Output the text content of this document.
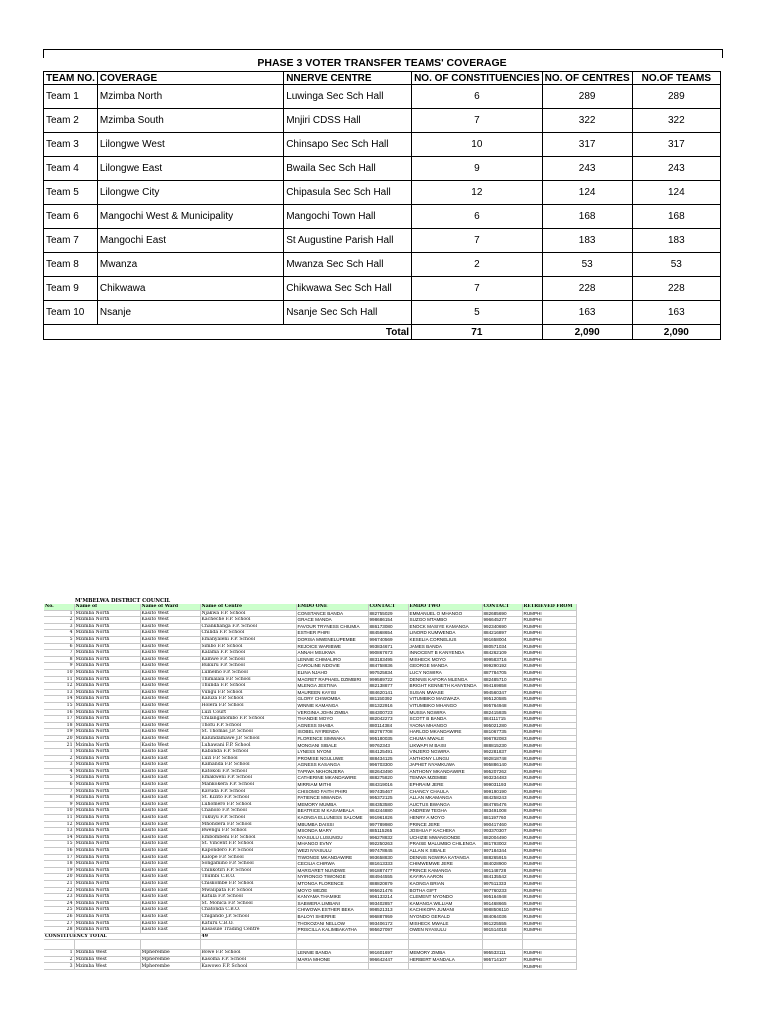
PHASE 3 VOTER TRANSFER TEAMS' COVERAGE
TEAM NO.	COVERAGE	NNERVE CENTRE	NO. OF CONSTITUENCIES	NO. OF CENTRES	NO.OF TEAMS
Team 1	Mzimba North	Luwinga Sec Sch Hall	6	289	289
Team 2	Mzimba South	Mnjiri CDSS Hall	7	322	322
Team 3	Lilongwe West	Chinsapo Sec Sch Hall	10	317	317
Team 4	Lilongwe East	Bwaila Sec Sch Hall	9	243	243
Team 5	Lilongwe City	Chipasula Sec Sch Hall	12	124	124
Team 6	Mangochi West & Municipality	Mangochi Town Hall	6	168	168
Team 7	Mangochi East	St Augustine Parish Hall	7	183	183
Team 8	Mwanza	Mwanza Sec Sch Hall	2	53	53
Team 9	Chikwawa	Chikwawa Sec Sch Hall	7	228	228
Team 10	Nsanje	Nsanje Sec Sch Hall	5	163	163
Total			71	2,090	2,090
M'MBELWA DISTRICT COUNCIL
No.	Name of	Name of Ward	Name of Centre	EMDO ONE	CONTACT	EMDO TWO	CONTACT	RETRIEVED FROM
1	Mzimba North	Kasito West	Njakwa F.P. School	CONSTANCE BANDA	882755029	EMMANUEL O MHANGO	882685690	RUMPHI
2	Mzimba North	Kasito West	Kacheche F.P. School	GRACE MANDA	998686154	SUZGO MTAMBO	996645277	RUMPHI
3	Mzimba North	Kasito West	Chankhanga F.P. School	FAVOUR TRYNESS CHIUMIA	886173080	ENOCK MASIYE KAMANGA	992340690	RUMPHI
4	Mzimba North	Kasito West	Chilida F.P. School	ESTHER PHIRI	884568654	LINORD KUMWENDA	884216897	RUMPHI
5	Mzimba North	Kasito West	Emanyaleni F.P. School	DORISA MWENELUPEMBE	996740569	KESELIA CORNELIUS	991658004	RUMPHI
6	Mzimba North	Kasito West	Simbo F.P. School	REJOICE WARIBWE	993834671	JAMES BANDA	880571034	RUMPHI
7	Mzimba North	Kasito West	Kalama F.P. School	ANNAH MSUKWA	990867673	INNOCENT B KANYENDA	884262109	RUMPHI
8	Mzimba North	Kasito West	Kamwe F.P. School	LENNIE CHIMALIRO	883183495	MISHECK MOYO	999583716	RUMPHI
9	Mzimba North	Kasito West	Bukuru F.P. School	CAROLINE NDOVIE	884758836	GEORGE MANDA	999290192	RUMPHI
10	Mzimba North	Kasito West	Lumemo F.P. School	ELINA NJAHO	997525834	LUCY NGWIRA	887784705	RUMPHI
11	Mzimba North	Kasito West	Thimalala F.P. School	MAGRET RAPHAEL DZIMBIRI	999589722	DENNIS KAFORA MLENGA	882485710	RUMPHI
12	Mzimba North	Kasito West	Thunda F.P. School	MLENGA JESTINA	882138877	BRIGHT KENNETH KANYENDA	994169858	RUMPHI
13	Mzimba North	Kasito West	Vungu F.P. School	MAUREEN KAYISI	884620141	SUSAN MWASE	994560347	RUMPHI
14	Mzimba North	Kasito West	Kaluza F.P. School	GLORY CHIWOMBA	881150392	VITUMBIKO MAGWAZA	995120585	RUMPHI
15	Mzimba North	Kasito West	Holera F.P. School	WINNIE KAMANGA	881322916	VITUMBIKO MHANGO	995764948	RUMPHI
16	Mzimba North	Kasito West	Luzi Court	VERGINIA JOHN ZIMBA	884300723	MUSSA NGWIRA	882415935	RUMPHI
17	Mzimba North	Kasito West	Chilanganombo F.P. School	THANDIE MOYO	882042273	SCOTT B BANDA	884111715	RUMPHI
18	Mzimba North	Kasito West	Thofu F.P. School	AGNESS SHABA	880114384	YAONA MHANGO	995021280	RUMPHI
19	Mzimba North	Kasito West	St. Thomas J.P. School	ISOBEL NYIRENDA	882767708	HARLOD MKANDAWIRE	881067735	RUMPHI
20	Mzimba North	Kasito West	Kalundamawe J.P. School	FLORENCE SIMWAKA	995180035	CHUMA MWALE	996792083	RUMPHI
21	Mzimba North	Kasito West	Luhawani F.P. School	MONGANI SIBALE	99762343	LIKWAPI M BAISI	888815230	RUMPHI
1	Mzimba North	Kasito East	Kabanda F.P. School	LYNESS NYONI	884125491	VINJERO NGWIRA	992281837	RUMPHI
2	Mzimba North	Kasito East	Luzi F.P. School	PROMISE NGULUWE	888434125	ANTHONY LUNGU	992818748	RUMPHI
3	Mzimba North	Kasito East	Kamanda F.P. School	AGNESS KASANGA	996703300	JAPHET NYAMKUWA	995886140	RUMPHI
4	Mzimba North	Kasito East	Katokoli F.P. School	TAPIWA NKHONJERA	882643490	ANTHONY MKANDAWIRE	995207262	RUMPHI
5	Mzimba North	Kasito East	Emakweni F.P. School	CATHERINE MKANDAWIRE	888275820	TEMWA MZEMBE	993234483	RUMPHI
6	Mzimba North	Kasito East	Mankokera F.P. School	MIRRIAM MITHI	884319016	EPHRAIM JERE	999031193	RUMPHI
7	Mzimba North	Kasito East	Kavuda F.P. School	CHISOMO FAITH PHIRI	997435467	CHANCY CHAULA	999190190	RUMPHI
8	Mzimba North	Kasito East	St. Kizito F.P. School	PATIENCE MWANDA	995372125	ALLAN MKAMANGA	884258243	RUMPHI
9	Mzimba North	Kasito East	Luhomero F.P. School	MEMORY MUMBA	884353580	AUCTUS BWANGA	884765476	RUMPHI
10	Mzimba North	Kasito East	Chanolo F.P. School	BEATRICE M KASAMBALA	884244880	ANDREW TEGHA	883491008	RUMPHI
11	Mzimba North	Kasito East	Tukuyu F.P. School	KAONGA ELLUNESS SALOME	991961826	HENRY A MOYO	881197760	RUMPHI
12	Mzimba North	Kasito East	Mhondera F.P. School	MBUMBA DAISSI	997789980	PRINCE JERE	990417460	RUMPHI
13	Mzimba North	Kasito East	Bwengu F.P. School	MSONDA MARY	885115265	JOSHUA F KACHEKA	993370307	RUMPHI
14	Mzimba North	Kasito East	Embombeni F.P. School	NYASULU LUSUNGU	996278832	UCHIZIE MWANGONDE	882004490	RUMPHI
15	Mzimba North	Kasito East	St. Vincent F.P. School	MHANGO EVNY	992250263	PRAISE MALUMBO CHILENGA	881793002	RUMPHI
16	Mzimba North	Kasito East	Kapondero F.P. School	WEZI NYASULU	997478845	ALLAN K SIBALE	997184344	RUMPHI
17	Mzimba North	Kasito East	Kalope F.P. School	TIWONGE MKANDAWIRE	993658830	DENNIS NGWIRA KATANGA	888265915	RUMPHI
18	Mzimba North	Kasito East	Songamino F.P. School	CECILIA CHIRWA	881613333	CHIMWEMWE JERE	884028900	RUMPHI
19	Mzimba North	Kasito East	Chinkotiri F.P. School	MARGARET NUNDWE	991887477	PRINCE KAMANGA	991148728	RUMPHI
20	Mzimba North	Kasito East	Thumbi C.B.O.	NYIRONGO TIWONGE	884944555	KAYIRA AARON	884135542	RUMPHI
21	Mzimba North	Kasito East	Chiskombe F.P. School	MTONGA FLORENCE	888820879	KAONGA BRIAN	997511333	RUMPHI
22	Mzimba North	Kasito East	Mwalipata F.P. School	MOYO WEZIE	995621476	BOTHA GIFT	997760233	RUMPHI
23	Mzimba North	Kasito East	Katula F.P. School	KANYAMA THAMIKE	996133214	CLEMENT NYONDO	995164948	RUMPHI
24	Mzimba North	Kasito East	St. Monica F.P. School	SABWERA LIMBANI	993402857	KAMANGA WILLIAM	991468665	RUMPHI
25	Mzimba North	Kasito East	Chatonda C.B.O.	CHIWOWA ESTHER BEKA	998521313	KACHIKOPA JUMANI	9988506110	RUMPHI
26	Mzimba North	Kasito East	Chigando J.P. School	BALOYI SHERRIE	996887959	NYONDO GERALD	884064036	RUMPHI
27	Mzimba North	Kasito East	Katuru C.B.O.	THOKOZANI NELLOW	993406172	MISHECK MWALE	991225555	RUMPHI
28	Mzimba North	Kasito East	Kasasule Trading Centre	PRISCILLA KALIMBAKATHA	995627097	OWEN NYASULU	991514018	RUMPHI
CONSTITUENCY TOTAL			49					

1	Mzimba West	Mpherembe	Bowe F.P. School	LENNIE BANDA	991601697	MEMORY ZIMBA	995533111	RUMPHI
2	Mzimba West	Mpherembe	Kasoma F.P. School	MARIA MHONE	996642447	HERBERT MANDALA	995714107	RUMPHI
3	Mzimba West	Mpherembe	Kawowo F.P. School					RUMPHI
